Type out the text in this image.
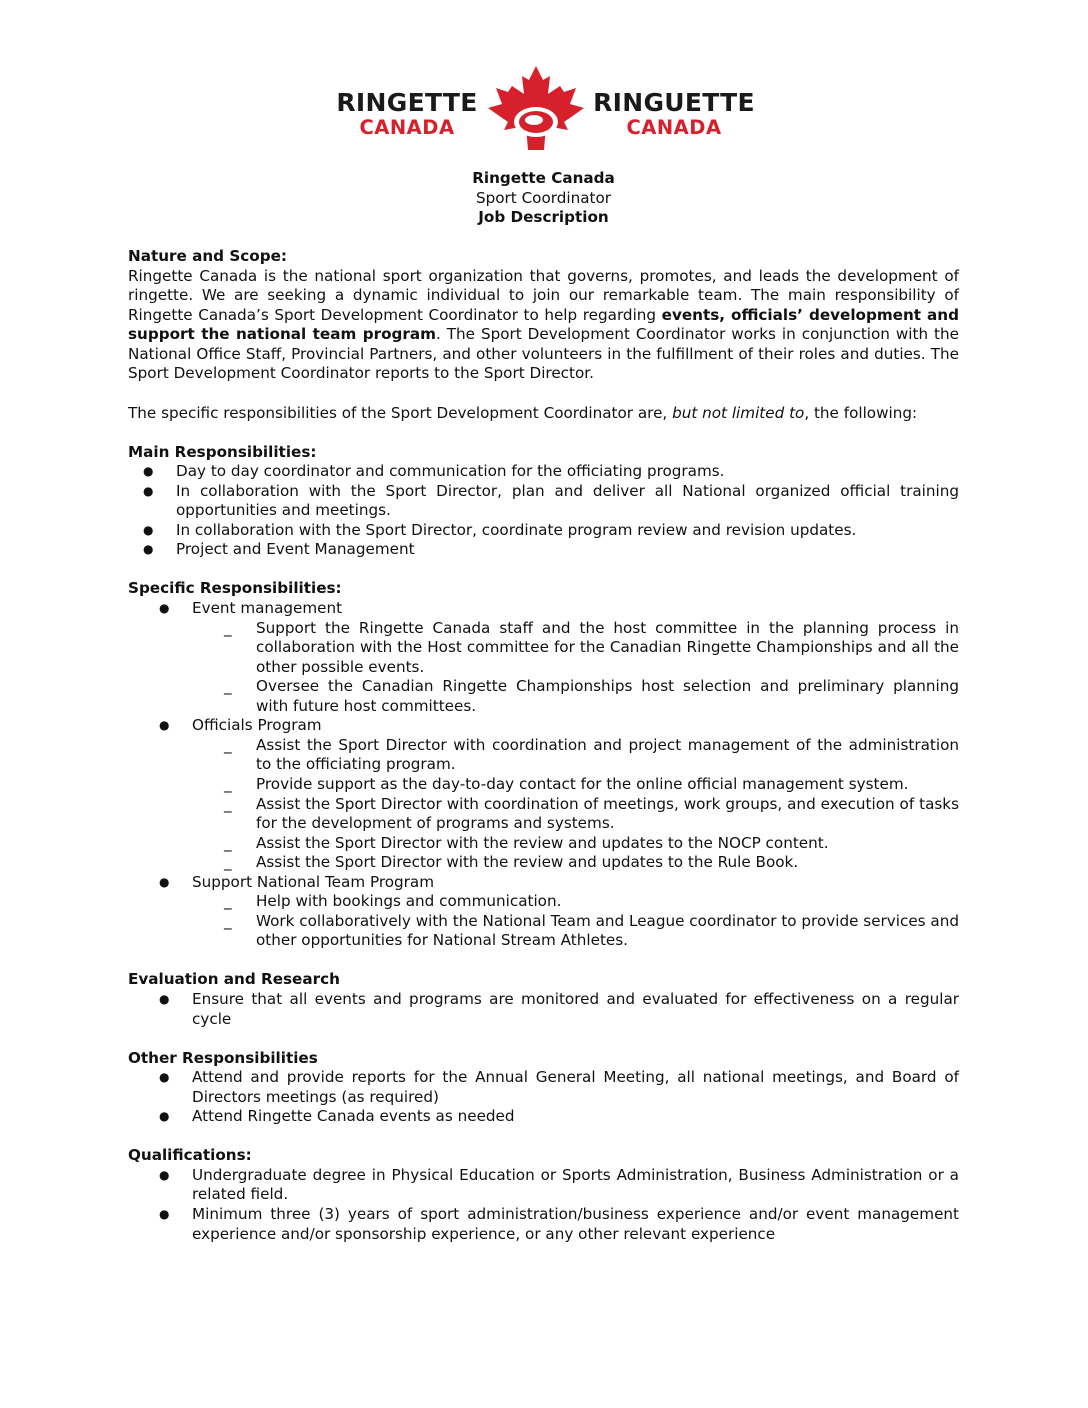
RINGETTE
CANADA
RINGUETTE
CANADA
Ringette Canada
Sport Coordinator
Job Description

Nature and Scope:

Ringette Canada is the national sport organization that governs, promotes, and leads the development of ringette. We are seeking a dynamic individual to join our remarkable team. The main responsibility of Ringette Canada’s Sport Development Coordinator to help regarding events, officials’ development and support the national team program. The Sport Development Coordinator works in conjunction with the National Office Staff, Provincial Partners, and other volunteers in the fulfillment of their roles and duties. The Sport Development Coordinator reports to the Sport Director.

The specific responsibilities of the Sport Development Coordinator are, but not limited to, the following:

Main Responsibilities:

● Day to day coordinator and communication for the officiating programs.
● In collaboration with the Sport Director, plan and deliver all National organized official training opportunities and meetings.
● In collaboration with the Sport Director, coordinate program review and revision updates.
● Project and Event Management

Specific Responsibilities:

● Event management
_ Support the Ringette Canada staff and the host committee in the planning process in collaboration with the Host committee for the Canadian Ringette Championships and all the other possible events.
_ Oversee the Canadian Ringette Championships host selection and preliminary planning with future host committees.
● Officials Program
_ Assist the Sport Director with coordination and project management of the administration to the officiating program.
_ Provide support as the day-to-day contact for the online official management system.
_ Assist the Sport Director with coordination of meetings, work groups, and execution of tasks for the development of programs and systems.
_ Assist the Sport Director with the review and updates to the NOCP content.
_ Assist the Sport Director with the review and updates to the Rule Book.
● Support National Team Program
_ Help with bookings and communication.
_ Work collaboratively with the National Team and League coordinator to provide services and other opportunities for National Stream Athletes.

Evaluation and Research

● Ensure that all events and programs are monitored and evaluated for effectiveness on a regular cycle

Other Responsibilities

● Attend and provide reports for the Annual General Meeting, all national meetings, and Board of Directors meetings (as required)
● Attend Ringette Canada events as needed

Qualifications:

● Undergraduate degree in Physical Education or Sports Administration, Business Administration or a related field.
● Minimum three (3) years of sport administration/business experience and/or event management experience and/or sponsorship experience, or any other relevant experience
